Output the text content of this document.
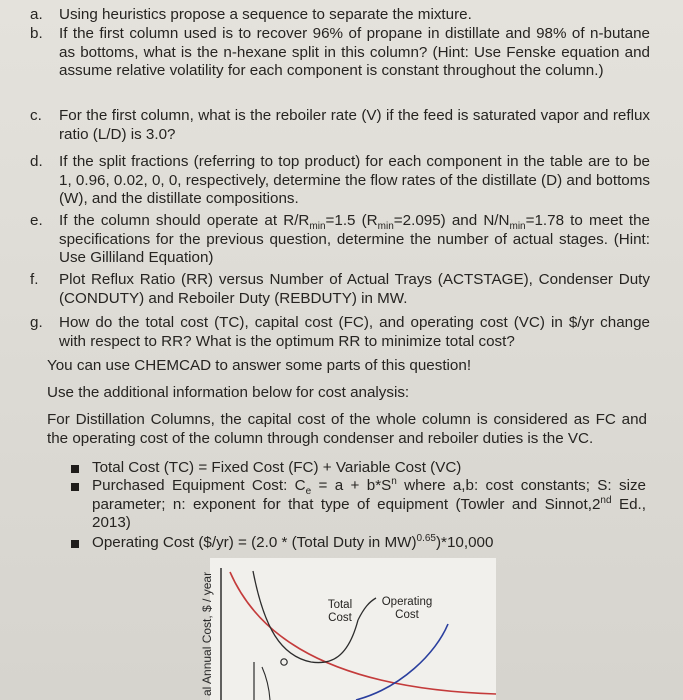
a. Using heuristics propose a sequence to separate the mixture.
b. If the first column used is to recover 96% of propane in distillate and 98% of n-butane as bottoms, what is the n-hexane split in this column? (Hint: Use Fenske equation and assume relative volatility for each component is constant throughout the column.)
c. For the first column, what is the reboiler rate (V) if the feed is saturated vapor and reflux ratio (L/D) is 3.0?
d. If the split fractions (referring to top product) for each component in the table are to be 1, 0.96, 0.02, 0, 0, respectively, determine the flow rates of the distillate (D) and bottoms (W), and the distillate compositions.
e. If the column should operate at $R/R_{min}=1.5$ $(R_{min}=2.095)$ and $N/N_{min}=1.78$ to meet the specifications for the previous question, determine the number of actual stages. (Hint: Use Gilliland Equation)
f. Plot Reflux Ratio (RR) versus Number of Actual Trays (ACTSTAGE), Condenser Duty (CONDUTY) and Reboiler Duty (REBDUTY) in MW.
g. How do the total cost (TC), capital cost (FC), and operating cost (VC) in $/yr change with respect to RR? What is the optimum RR to minimize total cost?
You can use CHEMCAD to answer some parts of this question!
Use the additional information below for cost analysis:
For Distillation Columns, the capital cost of the whole column is considered as FC and the operating cost of the column through condenser and reboiler duties is the VC.
Total Cost (TC) = Fixed Cost (FC) + Variable Cost (VC)
Purchased Equipment Cost: $C_e = a + b*S^n$ where a,b: cost constants; S: size parameter; n: exponent for that type of equipment (Towler and Sinnot,2nd Ed., 2013)
Operating Cost ($/yr) = (2.0 * (Total Duty in MW)$^{0.65}$)*10,000
al Annual Cost, $ / year	Total Cost
Operating Cost
